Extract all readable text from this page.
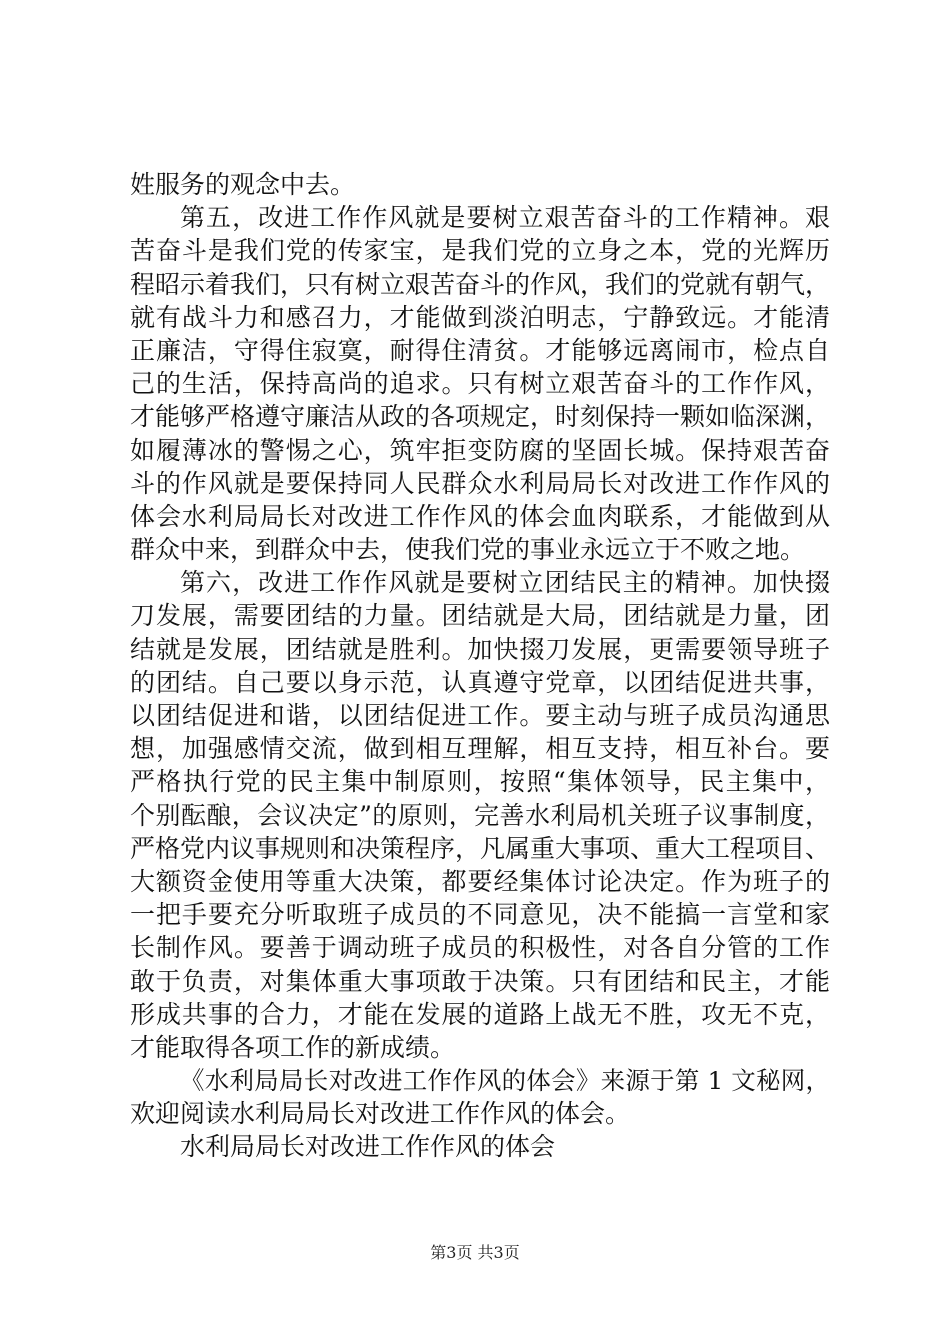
姓服务的观念中去。
第五，改进工作作风就是要树立艰苦奋斗的工作精神。艰
苦奋斗是我们党的传家宝，是我们党的立身之本，党的光辉历
程昭示着我们，只有树立艰苦奋斗的作风，我们的党就有朝气，
就有战斗力和感召力，才能做到淡泊明志，宁静致远。才能清
正廉洁，守得住寂寞，耐得住清贫。才能够远离闹市，检点自
己的生活，保持高尚的追求。只有树立艰苦奋斗的工作作风，
才能够严格遵守廉洁从政的各项规定，时刻保持一颗如临深渊，
如履薄冰的警惕之心，筑牢拒变防腐的坚固长城。保持艰苦奋
斗的作风就是要保持同人民群众水利局局长对改进工作作风的
体会水利局局长对改进工作作风的体会血肉联系，才能做到从
群众中来，到群众中去，使我们党的事业永远立于不败之地。
第六，改进工作作风就是要树立团结民主的精神。加快掇
刀发展，需要团结的力量。团结就是大局，团结就是力量，团
结就是发展，团结就是胜利。加快掇刀发展，更需要领导班子
的团结。自己要以身示范，认真遵守党章，以团结促进共事，
以团结促进和谐，以团结促进工作。要主动与班子成员沟通思
想，加强感情交流，做到相互理解，相互支持，相互补台。要
严格执行党的民主集中制原则，按照“集体领导，民主集中，
个别酝酿，会议决定”的原则，完善水利局机关班子议事制度，
严格党内议事规则和决策程序，凡属重大事项、重大工程项目、
大额资金使用等重大决策，都要经集体讨论决定。作为班子的
一把手要充分听取班子成员的不同意见，决不能搞一言堂和家
长制作风。要善于调动班子成员的积极性，对各自分管的工作
敢于负责，对集体重大事项敢于决策。只有团结和民主，才能
形成共事的合力，才能在发展的道路上战无不胜，攻无不克，
才能取得各项工作的新成绩。
《水利局局长对改进工作作风的体会》来源于第 1 文秘网，
欢迎阅读水利局局长对改进工作作风的体会。
水利局局长对改进工作作风的体会
第3页 共3页
